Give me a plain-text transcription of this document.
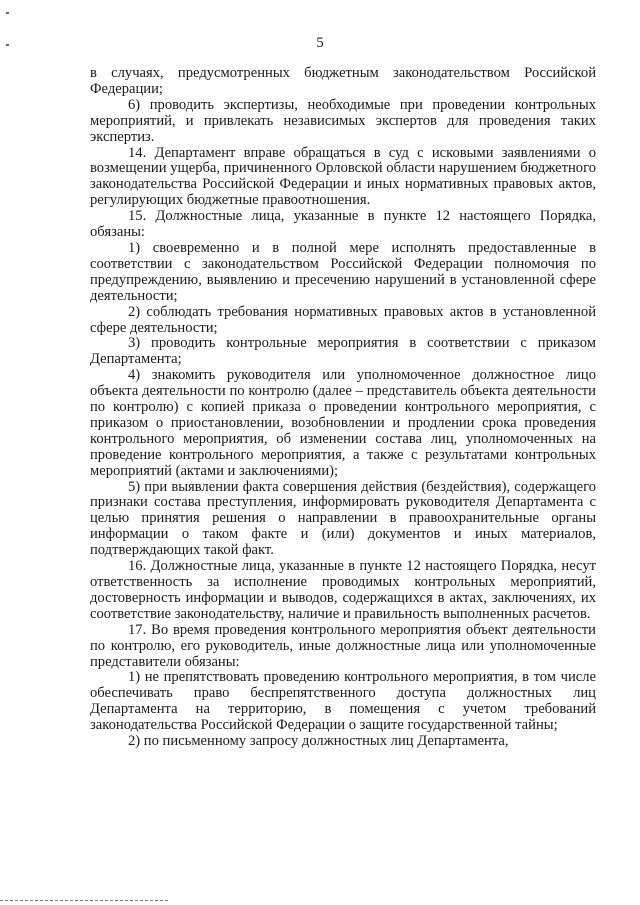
5

в случаях, предусмотренных бюджетным законодательством Российской Федерации;

6) проводить экспертизы, необходимые при проведении контрольных мероприятий, и привлекать независимых экспертов для проведения таких экспертиз.

14. Департамент вправе обращаться в суд с исковыми заявлениями о возмещении ущерба, причиненного Орловской области нарушением бюджетного законодательства Российской Федерации и иных нормативных правовых актов, регулирующих бюджетные правоотношения.

15. Должностные лица, указанные в пункте 12 настоящего Порядка, обязаны:

1) своевременно и в полной мере исполнять предоставленные в соответствии с законодательством Российской Федерации полномочия по предупреждению, выявлению и пресечению нарушений в установленной сфере деятельности;

2) соблюдать требования нормативных правовых актов в установленной сфере деятельности;

3) проводить контрольные мероприятия в соответствии с приказом Департамента;

4) знакомить руководителя или уполномоченное должностное лицо объекта деятельности по контролю (далее – представитель объекта деятельности по контролю) с копией приказа о проведении контрольного мероприятия, с приказом о приостановлении, возобновлении и продлении срока проведения контрольного мероприятия, об изменении состава лиц, уполномоченных на проведение контрольного мероприятия, а также с результатами контрольных мероприятий (актами и заключениями);

5) при выявлении факта совершения действия (бездействия), содержащего признаки состава преступления, информировать руководителя Департамента с целью принятия решения о направлении в правоохранительные органы информации о таком факте и (или) документов и иных материалов, подтверждающих такой факт.

16. Должностные лица, указанные в пункте 12 настоящего Порядка, несут ответственность за исполнение проводимых контрольных мероприятий, достоверность информации и выводов, содержащихся в актах, заключениях, их соответствие законодательству, наличие и правильность выполненных расчетов.

17. Во время проведения контрольного мероприятия объект деятельности по контролю, его руководитель, иные должностные лица или уполномоченные представители обязаны:

1) не препятствовать проведению контрольного мероприятия, в том числе обеспечивать право беспрепятственного доступа должностных лиц Департамента на территорию, в помещения с учетом требований законодательства Российской Федерации о защите государственной тайны;

2) по письменному запросу должностных лиц Департамента,
